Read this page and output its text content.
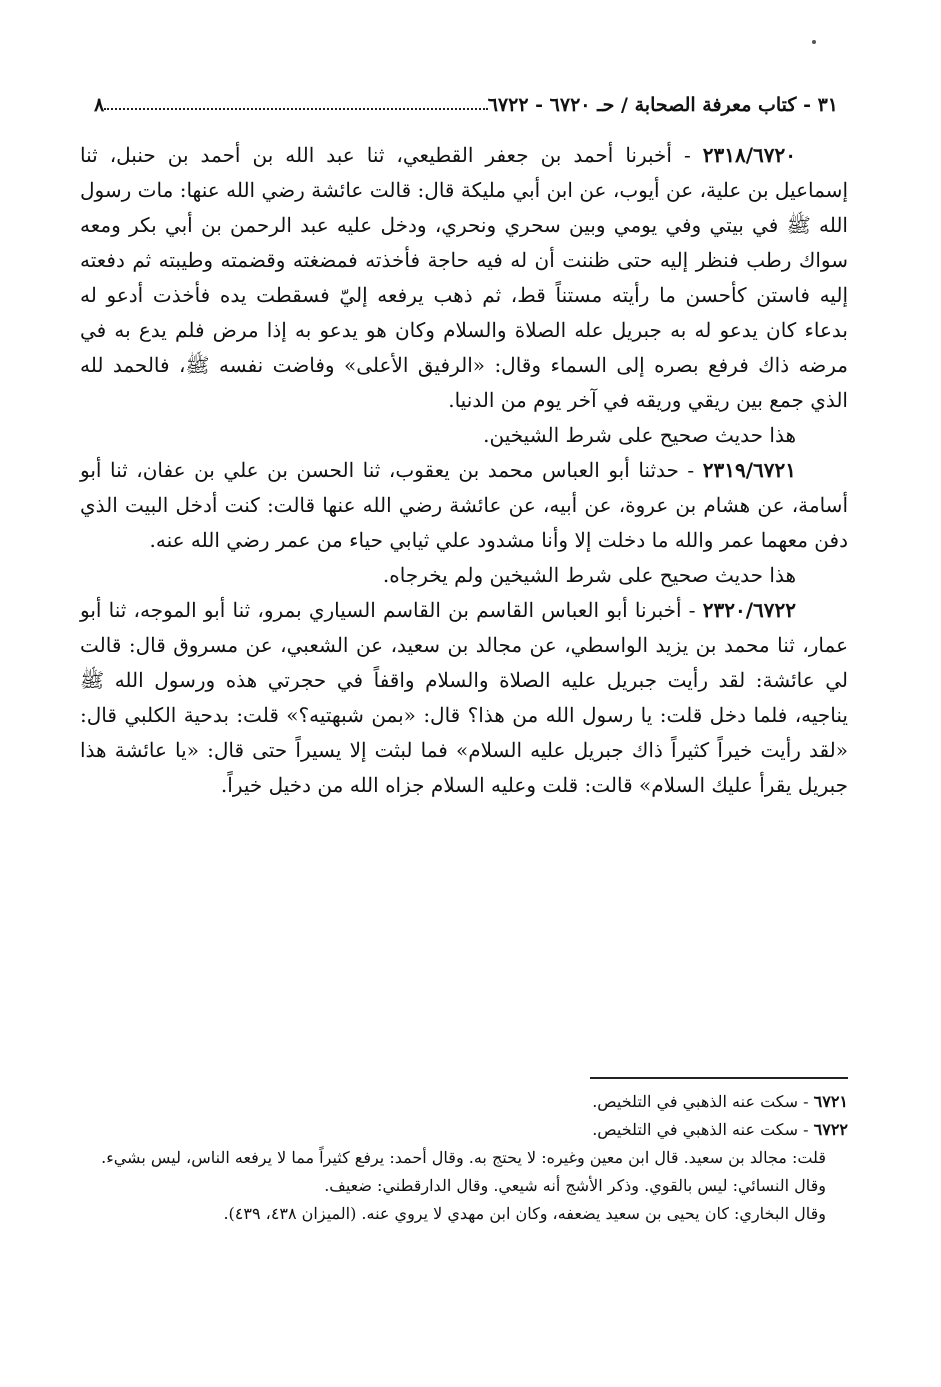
٣١ - كتاب معرفة الصحابة / حـ ٦٧٢٠ - ٦٧٢٢
٨

٢٣١٨/٦٧٢٠ - أخبرنا أحمد بن جعفر القطيعي، ثنا عبد الله بن أحمد بن حنبل، ثنا إسماعيل بن علية، عن أيوب، عن ابن أبي مليكة قال: قالت عائشة رضي الله عنها: مات رسول الله ﷺ في بيتي وفي يومي وبين سحري ونحري، ودخل عليه عبد الرحمن بن أبي بكر ومعه سواك رطب فنظر إليه حتى ظننت أن له فيه حاجة فأخذته فمضغته وقضمته وطيبته ثم دفعته إليه فاستن كأحسن ما رأيته مستناً قط، ثم ذهب يرفعه إليّ فسقطت يده فأخذت أدعو له بدعاء كان يدعو له به جبريل عله الصلاة والسلام وكان هو يدعو به إذا مرض فلم يدع به في مرضه ذاك فرفع بصره إلى السماء وقال: «الرفيق الأعلى» وفاضت نفسه ﷺ، فالحمد لله الذي جمع بين ريقي وريقه في آخر يوم من الدنيا.

هذا حديث صحيح على شرط الشيخين.

٢٣١٩/٦٧٢١ - حدثنا أبو العباس محمد بن يعقوب، ثنا الحسن بن علي بن عفان، ثنا أبو أسامة، عن هشام بن عروة، عن أبيه، عن عائشة رضي الله عنها قالت: كنت أدخل البيت الذي دفن معهما عمر والله ما دخلت إلا وأنا مشدود علي ثيابي حياء من عمر رضي الله عنه.

هذا حديث صحيح على شرط الشيخين ولم يخرجاه.

٢٣٢٠/٦٧٢٢ - أخبرنا أبو العباس القاسم بن القاسم السياري بمرو، ثنا أبو الموجه، ثنا أبو عمار، ثنا محمد بن يزيد الواسطي، عن مجالد بن سعيد، عن الشعبي، عن مسروق قال: قالت لي عائشة: لقد رأيت جبريل عليه الصلاة والسلام واقفاً في حجرتي هذه ورسول الله ﷺ يناجيه، فلما دخل قلت: يا رسول الله من هذا؟ قال: «بمن شبهتيه؟» قلت: بدحية الكلبي قال: «لقد رأيت خيراً كثيراً ذاك جبريل عليه السلام» فما لبثت إلا يسيراً حتى قال: «يا عائشة هذا جبريل يقرأ عليك السلام» قالت: قلت وعليه السلام جزاه الله من دخيل خيراً.

٦٧٢١ - سكت عنه الذهبي في التلخيص.

٦٧٢٢ - سكت عنه الذهبي في التلخيص.

قلت: مجالد بن سعيد. قال ابن معين وغيره: لا يحتج به. وقال أحمد: يرفع كثيراً مما لا يرفعه الناس، ليس بشيء.

وقال النسائي: ليس بالقوي. وذكر الأشج أنه شيعي. وقال الدارقطني: ضعيف.

وقال البخاري: كان يحيى بن سعيد يضعفه، وكان ابن مهدي لا يروي عنه. (الميزان ٤٣٨، ٤٣٩).
